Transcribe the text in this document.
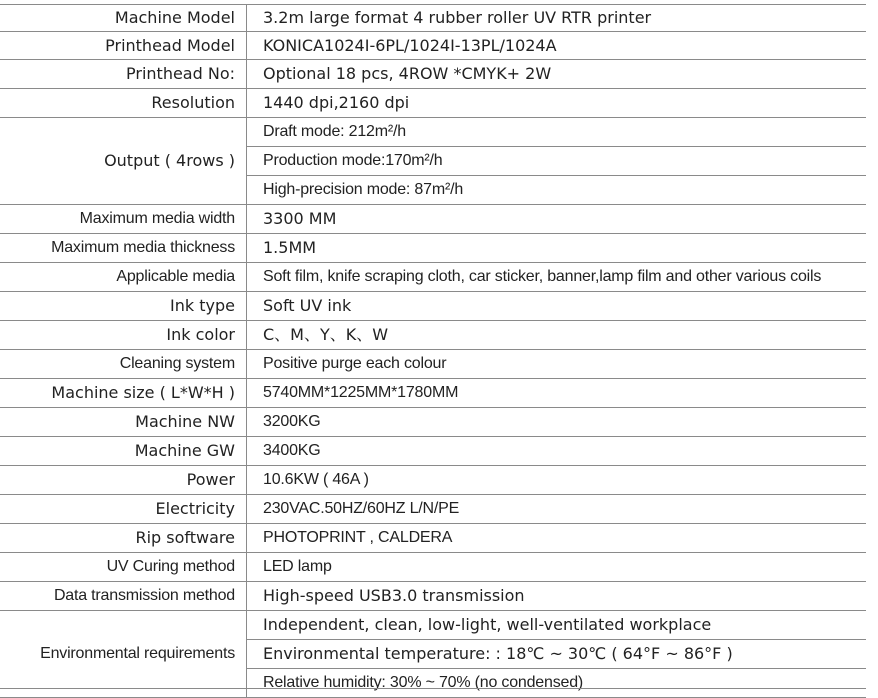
Machine Model	3.2m large format 4 rubber roller UV RTR printer
Printhead Model	KONICA1024I-6PL/1024I-13PL/1024A
Printhead No:	Optional 18 pcs, 4ROW *CMYK+ 2W
Resolution	1440 dpi,2160 dpi
Output ( 4rows )	Draft mode: 212m²/h
	Production mode:170m²/h
	High-precision mode: 87m²/h
Maximum media width	3300 MM
Maximum media thickness	1.5MM
Applicable media	Soft film, knife scraping cloth, car sticker, banner,lamp film and other various coils
Ink type	Soft UV ink
Ink color	C、M、Y、K、W
Cleaning system	Positive purge each colour
Machine size ( L*W*H )	5740MM*1225MM*1780MM
Machine NW	3200KG
Machine GW	3400KG
Power	10.6KW ( 46A )
Electricity	230VAC.50HZ/60HZ L/N/PE
Rip software	PHOTOPRINT , CALDERA
UV Curing method	LED lamp
Data transmission method	High-speed USB3.0 transmission
Environmental requirements	Independent, clean, low-light, well-ventilated workplace
	Environmental temperature: : 18℃ ~ 30℃ ( 64°F ~ 86°F )
	Relative humidity: 30% ~ 70% (no condensed)
